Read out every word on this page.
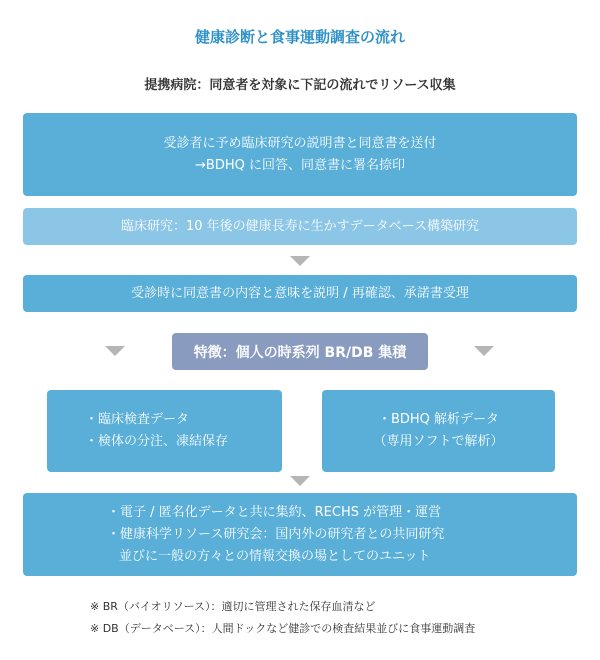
健康診断と食事運動調査の流れ
提携病院：同意者を対象に下記の流れでリソース収集
受診者に予め臨床研究の説明書と同意書を送付
→BDHQ に回答、同意書に署名捺印
臨床研究：10 年後の健康長寿に生かすデータベース構築研究
受診時に同意書の内容と意味を説明 / 再確認、承諾書受理
特徴：個人の時系列 BR/DB 集積
・臨床検査データ
・検体の分注、凍結保存
・BDHQ 解析データ
（専用ソフトで解析）
・電子 / 匿名化データと共に集約、RECHS が管理・運営
・健康科学リソース研究会：国内外の研究者との共同研究
並びに一般の方々との情報交換の場としてのユニット
※ BR（バイオリソース）：適切に管理された保存血清など
※ DB（データベース）：人間ドックなど健診での検査結果並びに食事運動調査
